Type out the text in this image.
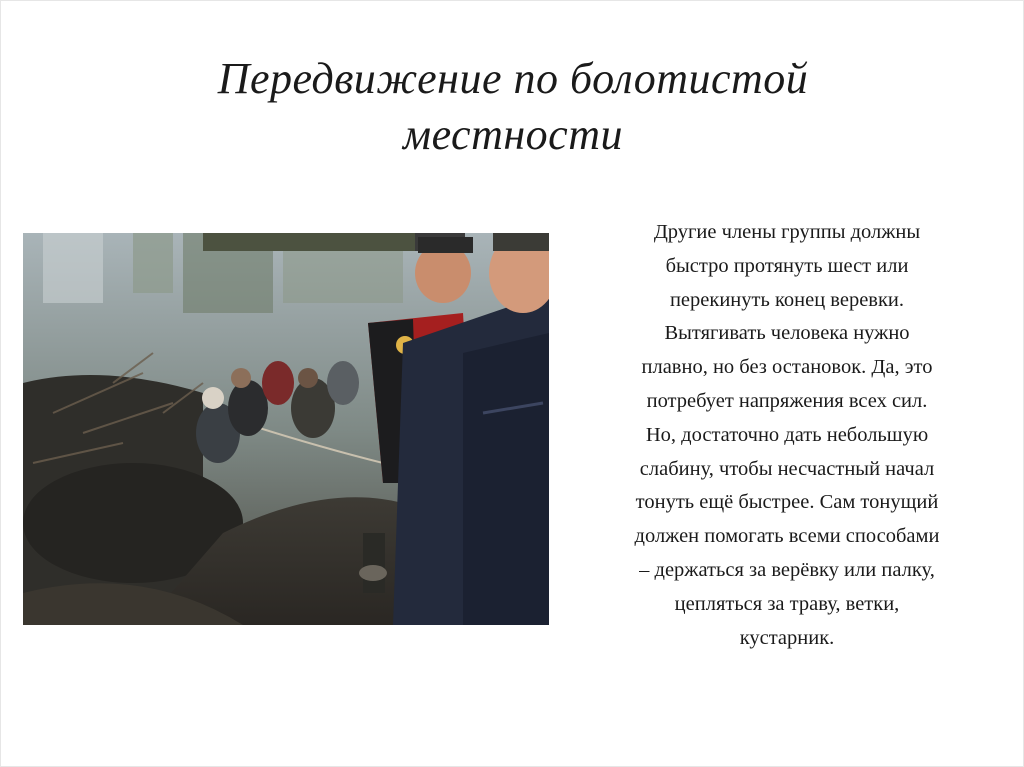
Передвижение по болотистой
местности
Другие члены группы должны
быстро протянуть шест или
перекинуть конец веревки.
Вытягивать человека нужно
плавно, но без остановок. Да, это
потребует напряжения всех сил.
Но, достаточно дать небольшую
слабину, чтобы несчастный начал
тонуть ещё быстрее. Сам тонущий
должен помогать всеми способами
– держаться за верёвку или палку,
цепляться за траву, ветки,
кустарник.
